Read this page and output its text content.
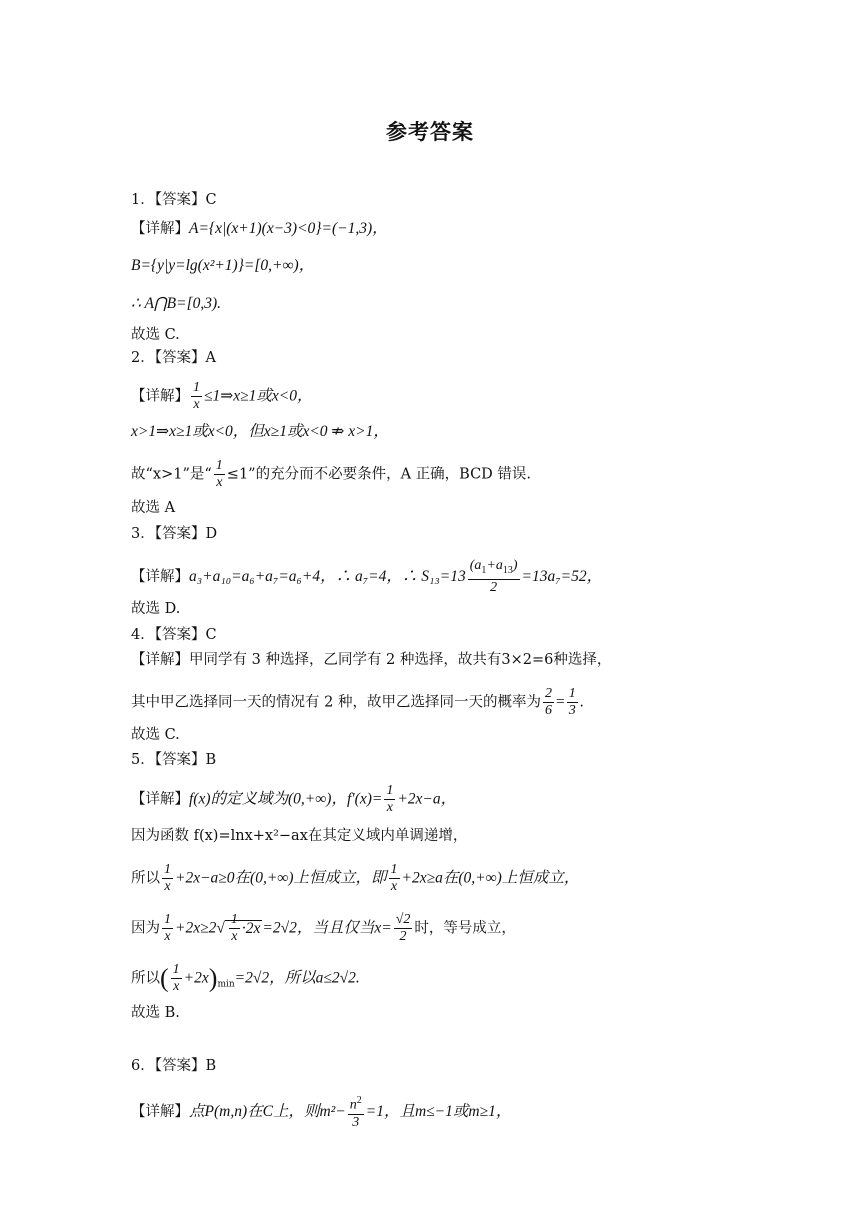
参考答案
1．【答案】C
【详解】A={x|(x+1)(x−3)<0}=(−1,3)，
B={y|y=lg(x²+1)}=[0,+∞)，
∴ A⋂B=[0,3).
故选 C.
2．【答案】A
【详解】 $\frac{1}{x}$ ≤1⇒x≥1或x<0，
x>1⇒x≥1或x<0，但x≥1或x<0 ⇏ x>1，
故“x>1”是“ $\frac{1}{x} \le 1$”的充分而不必要条件，A 正确，BCD 错误.
故选 A
3．【答案】D
【详解】a₃+a₁₀=a₆+a₇=a₆+4，∴ a₇=4，∴ $S_{13}=13 \frac{(a_1+a_{13})}{2} =13a_7=52$，
故选 D.
4．【答案】C
【详解】甲同学有 3 种选择，乙同学有 2 种选择，故共有3×2=6种选择，
其中甲乙选择同一天的情况有 2 种，故甲乙选择同一天的概率为 $\frac{2}{6} = \frac{1}{3}$ .
故选 C.
5．【答案】B
【详解】f(x)的定义域为(0,+∞)，$f'(x)= \frac{1}{x} +2x-a$，
因为函数 f(x)=lnx+x²−ax在其定义域内单调递增，
所以 $\frac{1}{x} +2x-a\ge 0$在(0,+∞)上恒成立，即 $\frac{1}{x} +2x\ge a$在(0,+∞)上恒成立，
因为 $\frac{1}{x} +2x\ge 2√ \frac{1}{x} \cdot 2x =2√2$，当且仅当$x= \frac{√2}{2}$ 时，等号成立，
所以( $\frac{1}{x} +2x)_{min}=2√2$，所以a≤2√2.
故选 B.
6．【答案】B
【详解】点P(m,n)在C上，则$m^2- \frac{n^2}{3} =1$，且m≤−1或m≥1，
